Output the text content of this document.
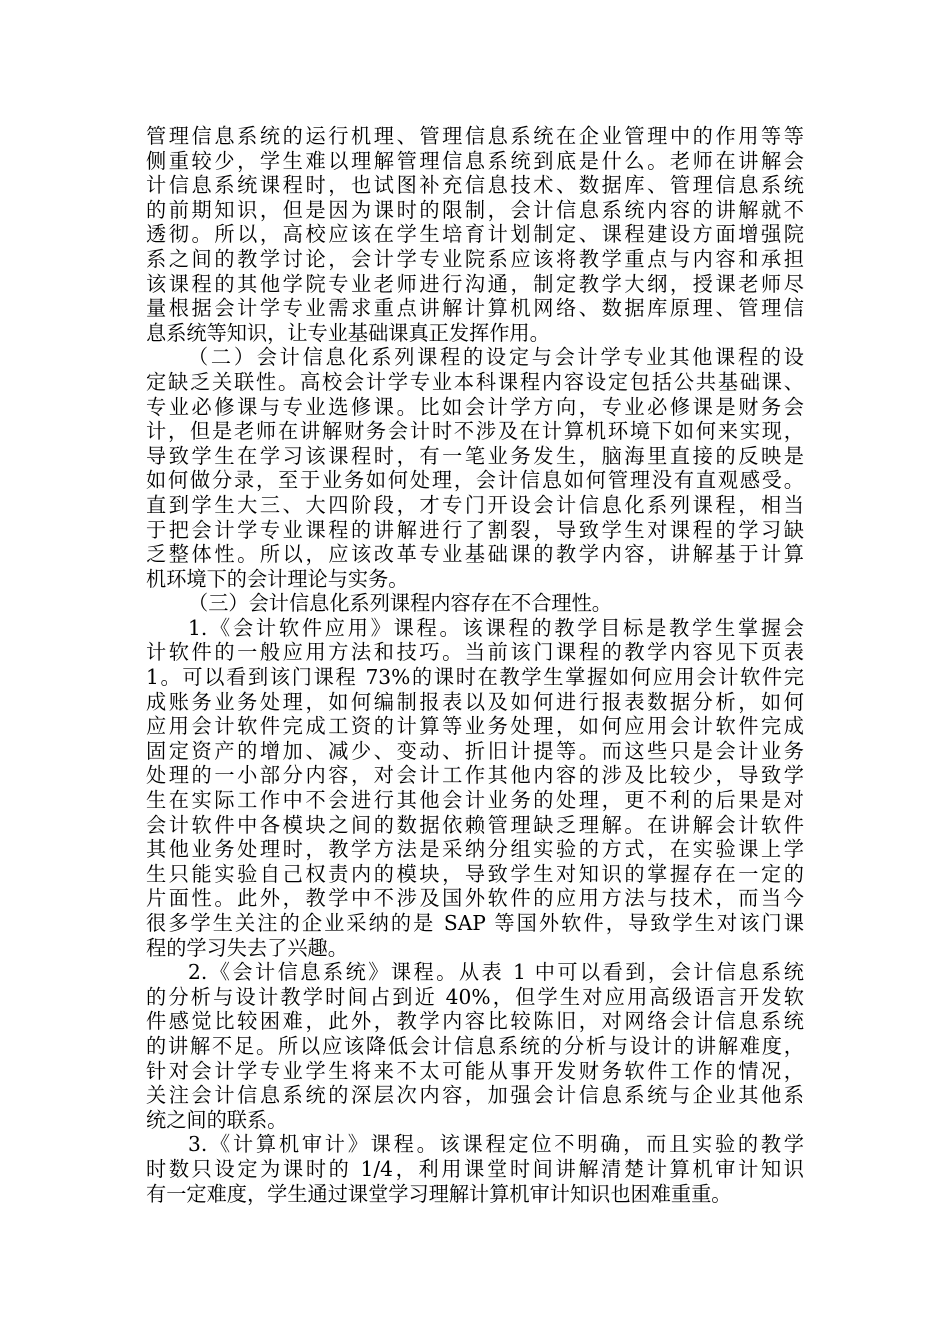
管理信息系统的运行机理、管理信息系统在企业管理中的作用等等
侧重较少，学生难以理解管理信息系统到底是什么。老师在讲解会
计信息系统课程时，也试图补充信息技术、数据库、管理信息系统
的前期知识，但是因为课时的限制，会计信息系统内容的讲解就不
透彻。所以，高校应该在学生培育计划制定、课程建设方面增强院
系之间的教学讨论，会计学专业院系应该将教学重点与内容和承担
该课程的其他学院专业老师进行沟通，制定教学大纲，授课老师尽
量根据会计学专业需求重点讲解计算机网络、数据库原理、管理信
息系统等知识，让专业基础课真正发挥作用。
（二）会计信息化系列课程的设定与会计学专业其他课程的设
定缺乏关联性。高校会计学专业本科课程内容设定包括公共基础课、
专业必修课与专业选修课。比如会计学方向，专业必修课是财务会
计，但是老师在讲解财务会计时不涉及在计算机环境下如何来实现，
导致学生在学习该课程时，有一笔业务发生，脑海里直接的反映是
如何做分录，至于业务如何处理，会计信息如何管理没有直观感受。
直到学生大三、大四阶段，才专门开设会计信息化系列课程，相当
于把会计学专业课程的讲解进行了割裂，导致学生对课程的学习缺
乏整体性。所以，应该改革专业基础课的教学内容，讲解基于计算
机环境下的会计理论与实务。
（三）会计信息化系列课程内容存在不合理性。
1.《会计软件应用》课程。该课程的教学目标是教学生掌握会
计软件的一般应用方法和技巧。当前该门课程的教学内容见下页表
1。可以看到该门课程 73%的课时在教学生掌握如何应用会计软件完
成账务业务处理，如何编制报表以及如何进行报表数据分析，如何
应用会计软件完成工资的计算等业务处理，如何应用会计软件完成
固定资产的增加、减少、变动、折旧计提等。而这些只是会计业务
处理的一小部分内容，对会计工作其他内容的涉及比较少，导致学
生在实际工作中不会进行其他会计业务的处理，更不利的后果是对
会计软件中各模块之间的数据依赖管理缺乏理解。在讲解会计软件
其他业务处理时，教学方法是采纳分组实验的方式，在实验课上学
生只能实验自己权责内的模块，导致学生对知识的掌握存在一定的
片面性。此外，教学中不涉及国外软件的应用方法与技术，而当今
很多学生关注的企业采纳的是 SAP 等国外软件，导致学生对该门课
程的学习失去了兴趣。
2.《会计信息系统》课程。从表 1 中可以看到，会计信息系统
的分析与设计教学时间占到近 40%，但学生对应用高级语言开发软
件感觉比较困难，此外，教学内容比较陈旧，对网络会计信息系统
的讲解不足。所以应该降低会计信息系统的分析与设计的讲解难度，
针对会计学专业学生将来不太可能从事开发财务软件工作的情况，
关注会计信息系统的深层次内容，加强会计信息系统与企业其他系
统之间的联系。
3.《计算机审计》课程。该课程定位不明确，而且实验的教学
时数只设定为课时的 1/4，利用课堂时间讲解清楚计算机审计知识
有一定难度，学生通过课堂学习理解计算机审计知识也困难重重。
